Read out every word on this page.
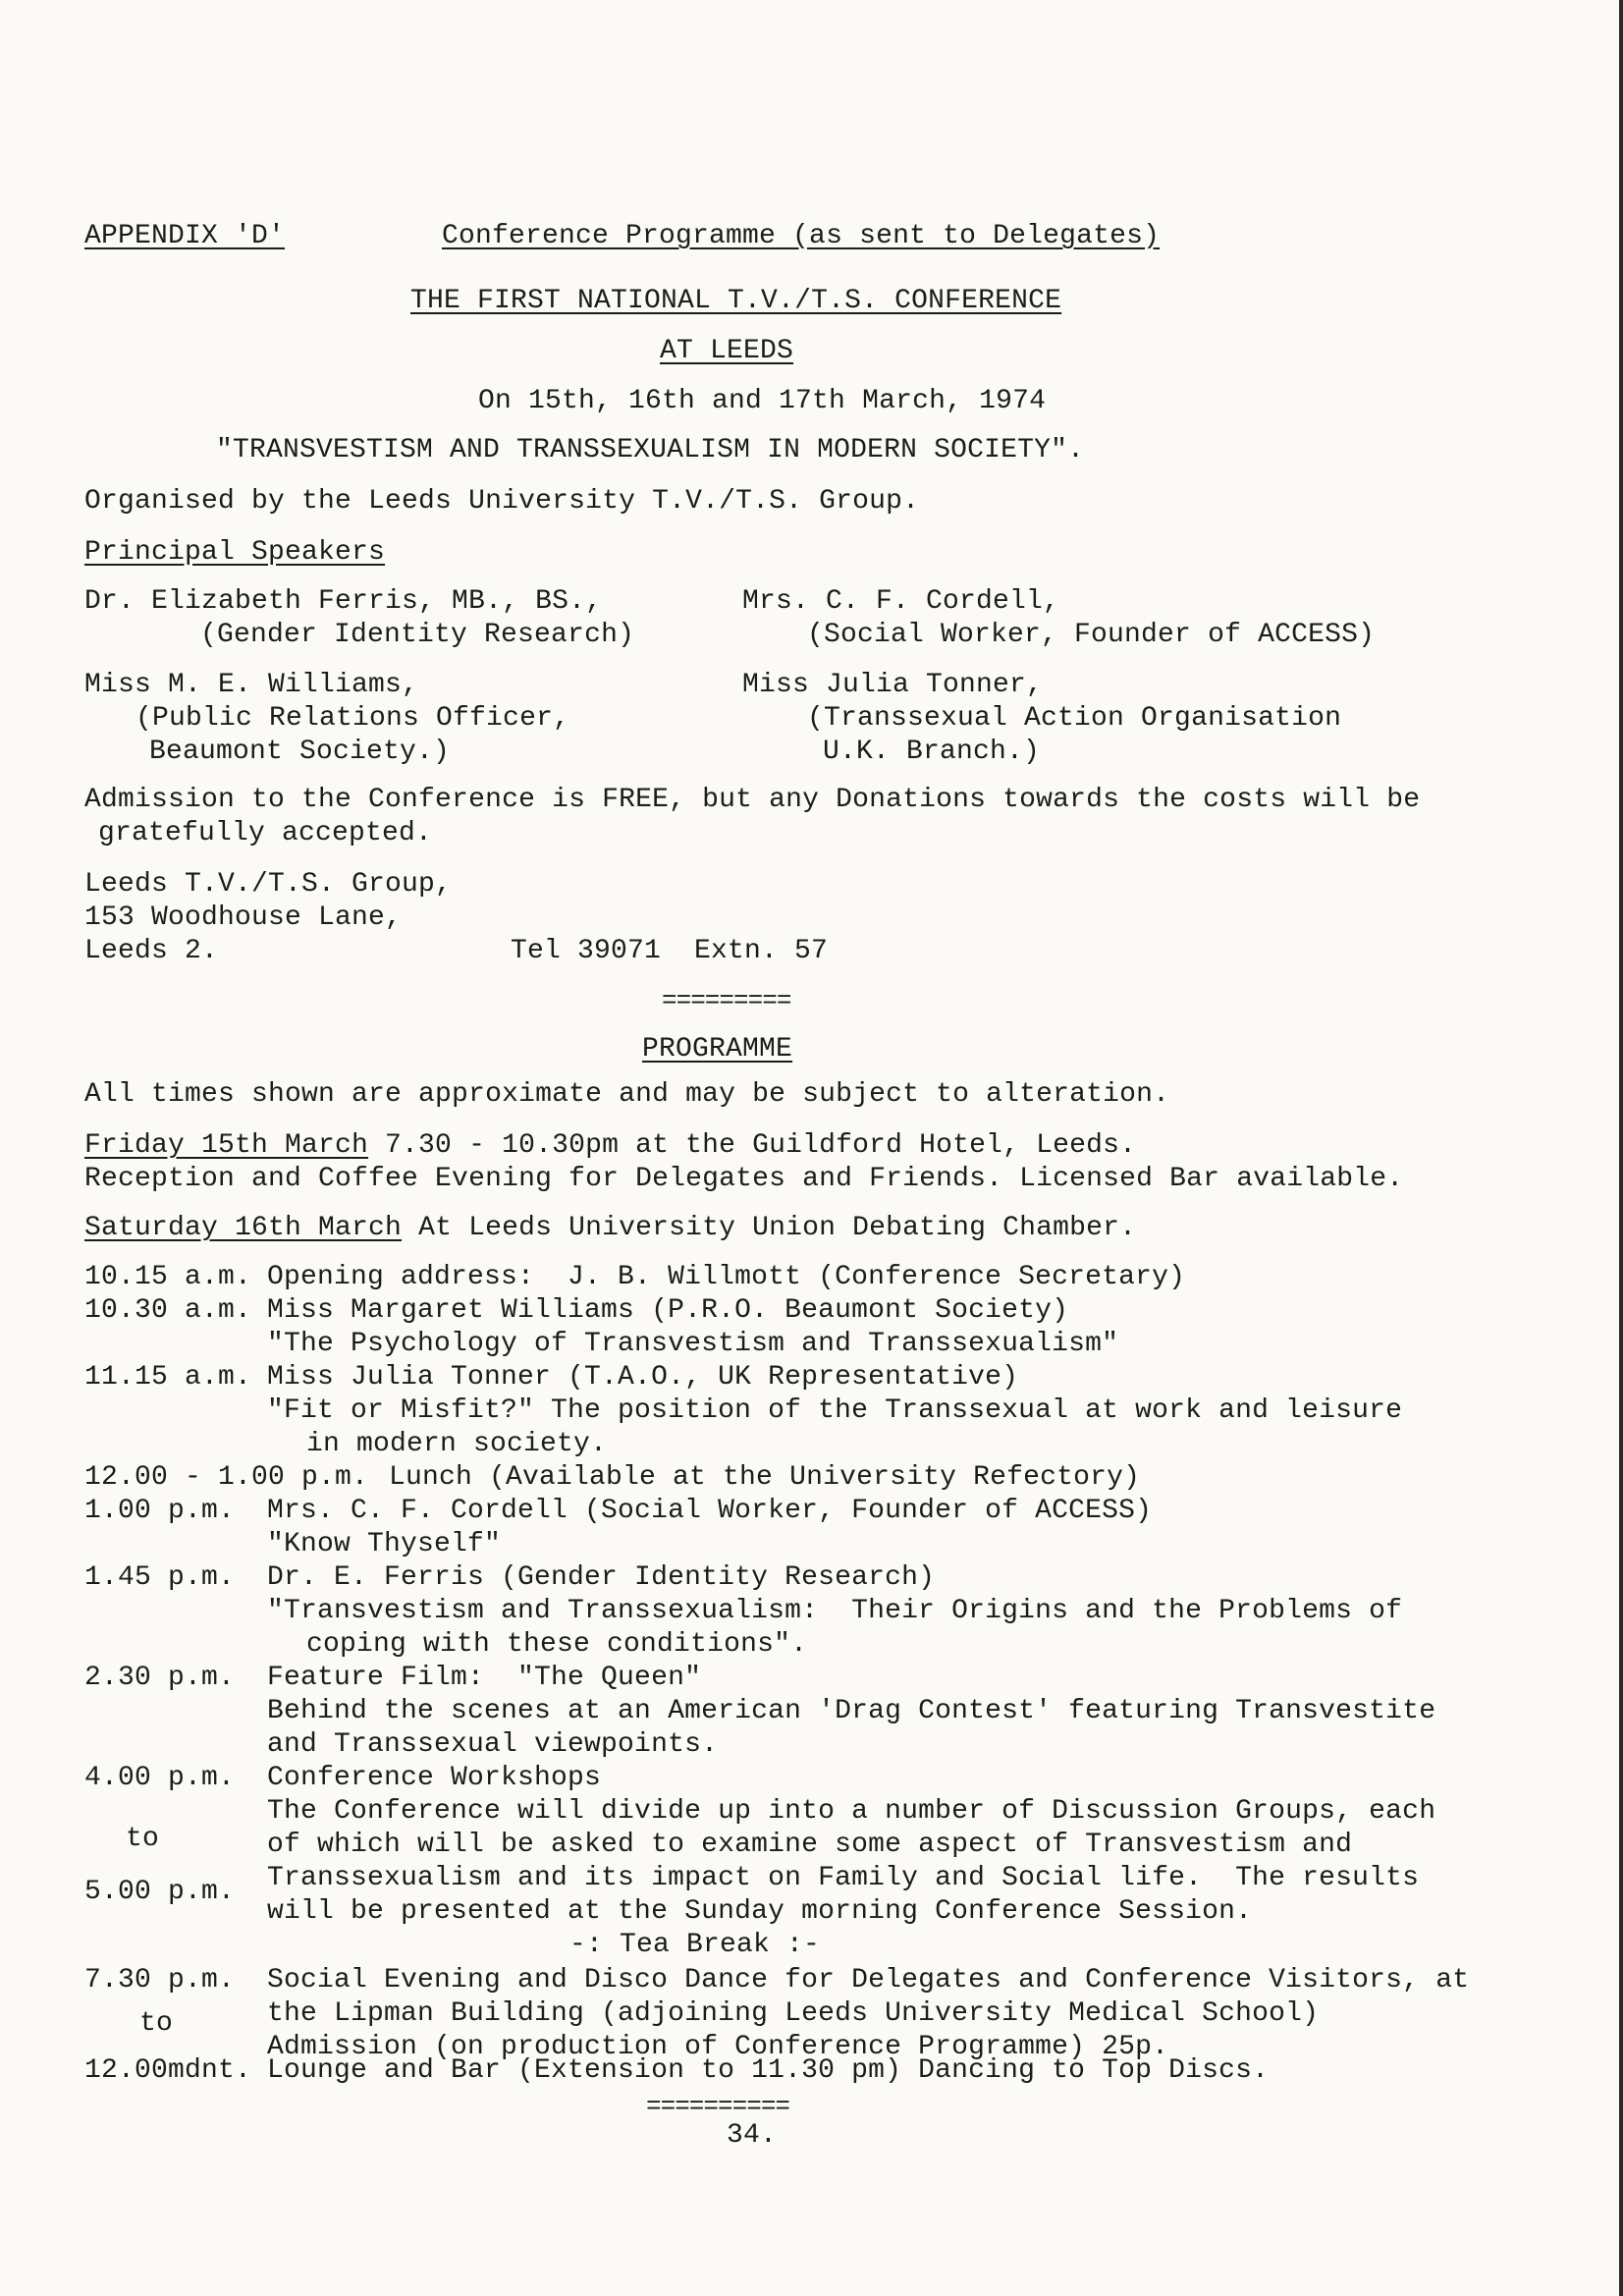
APPENDIX 'D'	Conference Programme (as sent to Delegates)
THE FIRST NATIONAL T.V./T.S. CONFERENCE
AT LEEDS
On 15th, 16th and 17th March, 1974
"TRANSVESTISM AND TRANSSEXUALISM IN MODERN SOCIETY".
Organised by the Leeds University T.V./T.S. Group.
Principal Speakers
Dr. Elizabeth Ferris, MB., BS.,
(Gender Identity Research)
Mrs. C. F. Cordell,
(Social Worker, Founder of ACCESS)
Miss M. E. Williams,
(Public Relations Officer,
Beaumont Society.)
Miss Julia Tonner,
(Transsexual Action Organisation
U.K. Branch.)
Admission to the Conference is FREE, but any Donations towards the costs will be
gratefully accepted.
Leeds T.V./T.S. Group,
153 Woodhouse Lane,
Leeds 2.	Tel 39071  Extn. 57
=========
PROGRAMME
All times shown are approximate and may be subject to alteration.
Friday 15th March 7.30 - 10.30pm at the Guildford Hotel, Leeds.
Reception and Coffee Evening for Delegates and Friends. Licensed Bar available.
Saturday 16th March At Leeds University Union Debating Chamber.
10.15 a.m.
10.30 a.m.
11.15 a.m.
12.00 - 1.00 p.m.
1.00 p.m.
1.45 p.m.
2.30 p.m.
4.00 p.m.
to
5.00 p.m.
7.30 p.m.
to
12.00mdnt.
Opening address:  J. B. Willmott (Conference Secretary)
Miss Margaret Williams (P.R.O. Beaumont Society)
"The Psychology of Transvestism and Transsexualism"
Miss Julia Tonner (T.A.O., UK Representative)
"Fit or Misfit?" The position of the Transsexual at work and leisure
in modern society.
Lunch (Available at the University Refectory)
Mrs. C. F. Cordell (Social Worker, Founder of ACCESS)
"Know Thyself"
Dr. E. Ferris (Gender Identity Research)
"Transvestism and Transsexualism:  Their Origins and the Problems of
coping with these conditions".
Feature Film:  "The Queen"
Behind the scenes at an American 'Drag Contest' featuring Transvestite
and Transsexual viewpoints.
Conference Workshops
The Conference will divide up into a number of Discussion Groups, each
of which will be asked to examine some aspect of Transvestism and
Transsexualism and its impact on Family and Social life.  The results
will be presented at the Sunday morning Conference Session.
-: Tea Break :-
Social Evening and Disco Dance for Delegates and Conference Visitors, at
the Lipman Building (adjoining Leeds University Medical School)
Admission (on production of Conference Programme) 25p.
Lounge and Bar (Extension to 11.30 pm) Dancing to Top Discs.
==========
34.
